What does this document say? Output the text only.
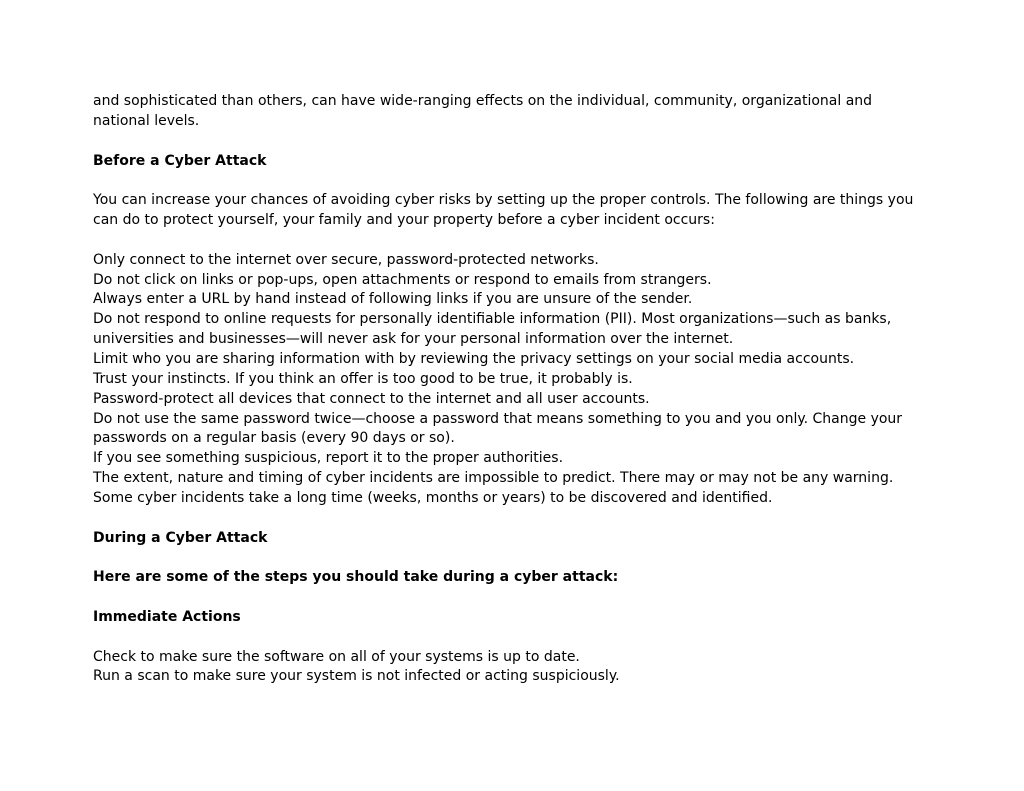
and sophisticated than others, can have wide-ranging effects on the individual, community, organizational and national levels.

Before a Cyber Attack

You can increase your chances of avoiding cyber risks by setting up the proper controls. The following are things you can do to protect yourself, your family and your property before a cyber incident occurs:

Only connect to the internet over secure, password-protected networks.

Do not click on links or pop-ups, open attachments or respond to emails from strangers.

Always enter a URL by hand instead of following links if you are unsure of the sender.

Do not respond to online requests for personally identifiable information (PII). Most organizations—such as banks, universities and businesses—will never ask for your personal information over the internet.

Limit who you are sharing information with by reviewing the privacy settings on your social media accounts.

Trust your instincts. If you think an offer is too good to be true, it probably is.

Password-protect all devices that connect to the internet and all user accounts.

Do not use the same password twice—choose a password that means something to you and you only. Change your passwords on a regular basis (every 90 days or so).

If you see something suspicious, report it to the proper authorities.

The extent, nature and timing of cyber incidents are impossible to predict. There may or may not be any warning. Some cyber incidents take a long time (weeks, months or years) to be discovered and identified.

During a Cyber Attack

Here are some of the steps you should take during a cyber attack:

Immediate Actions

Check to make sure the software on all of your systems is up to date.

Run a scan to make sure your system is not infected or acting suspiciously.
